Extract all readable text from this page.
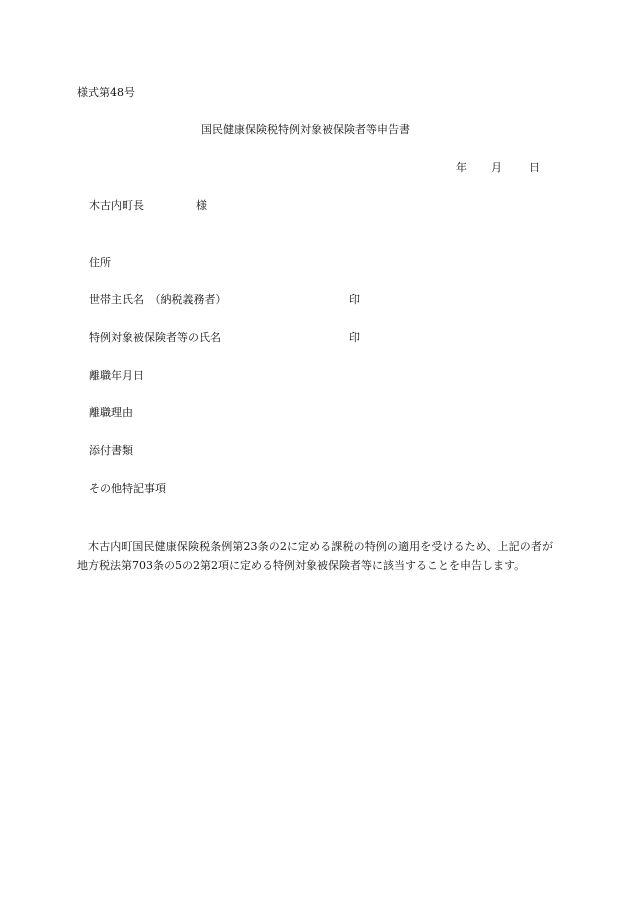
様式第48号
国民健康保険税特例対象被保険者等申告書
年 月 日
木古内町長	様
住所
世帯主氏名　（納税義務者）	印
特例対象被保険者等の氏名	印
離職年月日
離職理由
添付書類
その他特記事項

木古内町国民健康保険税条例第23条の2に定める課税の特例の適用を受けるため、上記の者が地方税法第703条の5の2第2項に定める特例対象被保険者等に該当することを申告します。
